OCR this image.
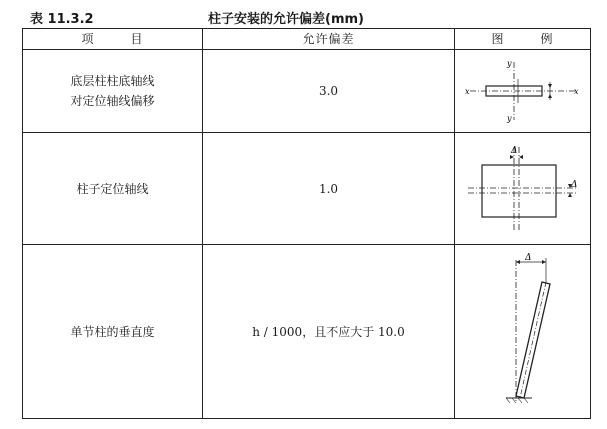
表 11.3.2	柱子安装的允许偏差(mm)
项 目	允许偏差	图 例

底层柱柱底轴线
对定位轴线偏移	3.0	x x
y
y

柱子定位轴线	1.0	Δ
Δ

单节柱的垂直度	h / 1000，且不应大于 10.0	Δ
